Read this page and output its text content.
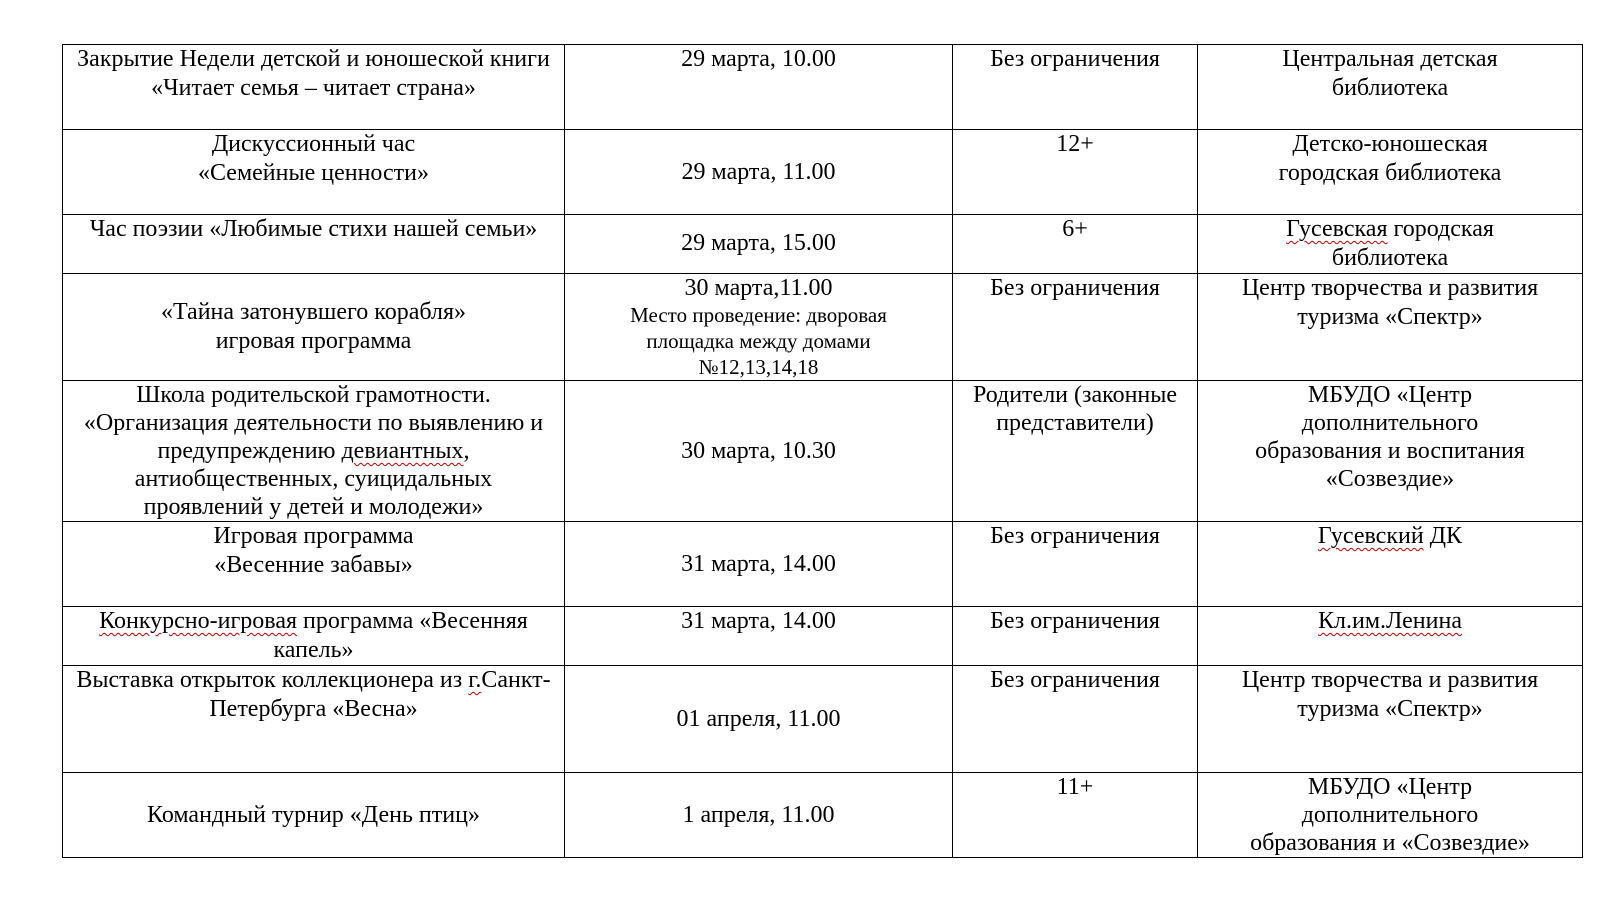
Закрытие Недели детской и юношеской книги
«Читает семья – читает страна»	29 марта, 10.00	Без ограничения	Центральная детская
библиотека

Дискуссионный час
«Семейные ценности»	29 марта, 11.00	12+	Детско-юношеская
городская библиотека

Час поэзии «Любимые стихи нашей семьи»	29 марта, 15.00	6+	Гусевская городская
библиотека

«Тайна затонувшего корабля»
игровая программа	30 марта,11.00
Место проведение: дворовая
площадка между домами
№12,13,14,18	Без ограничения	Центр творчества и развития
туризма «Спектр»

Школа родительской грамотности.
«Организация деятельности по выявлению и
предупреждению девиантных,
антиобщественных, суицидальных
проявлений у детей и молодежи»	30 марта, 10.30	Родители (законные
представители)	МБУДО «Центр
дополнительного
образования и воспитания
«Созвездие»

Игровая программа
«Весенние забавы»	31 марта, 14.00	Без ограничения	Гусевский ДК

Конкурсно-игровая программа «Весенняя
капель»	31 марта, 14.00	Без ограничения	Кл.им.Ленина

Выставка открыток коллекционера из г.Санкт-
Петербурга «Весна»	01 апреля, 11.00	Без ограничения	Центр творчества и развития
туризма «Спектр»

Командный турнир «День птиц»	1 апреля, 11.00	11+	МБУДО «Центр
дополнительного
образования и «Созвездие»
